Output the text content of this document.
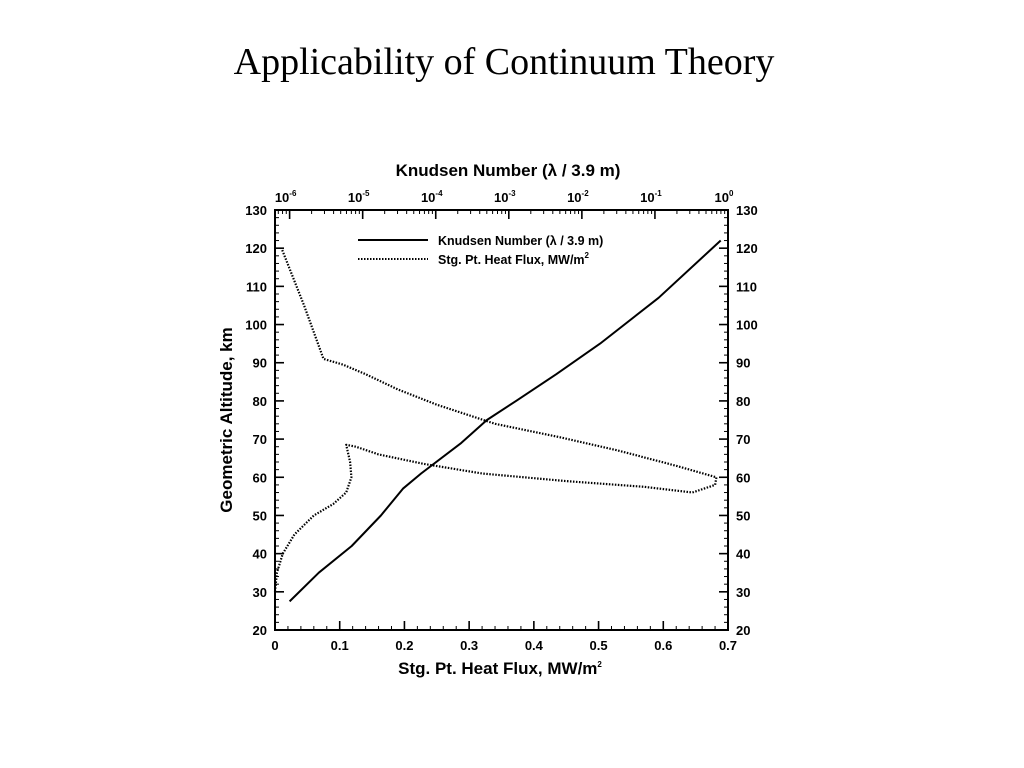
Applicability of Continuum Theory
20	20
30	30
40	40
50	50
60	60
70	70
80	80
90	90
100	100
110	110
120	120
130	130
0	0.1	0.2	0.3	0.4	0.5	0.6	0.7
$10^{-6}$	$10^{-5}$	$10^{-4}$	$10^{-3}$	$10^{-2}$	$10^{-1}$	$10^0$
Knudsen Number (λ / 3.9 m)
Stg. Pt. Heat Flux, $MW/m^2$
Geometric Altitude, km
Knudsen Number (λ / 3.9 m)
Stg. Pt. Heat Flux, $MW/m^2$
